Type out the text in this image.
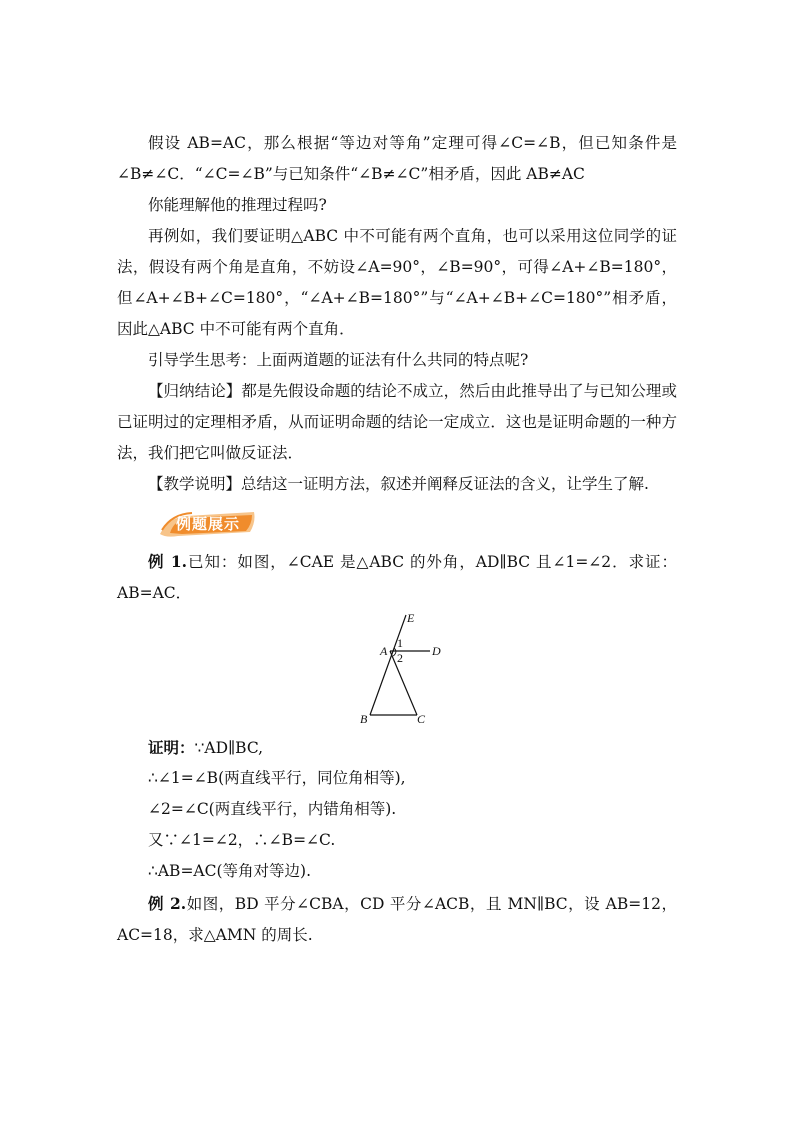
假设 AB=AC，那么根据“等边对等角”定理可得∠C=∠B，但已知条件是∠B≠∠C．“∠C=∠B”与已知条件“∠B≠∠C”相矛盾，因此 AB≠AC

你能理解他的推理过程吗?

再例如，我们要证明△ABC 中不可能有两个直角，也可以采用这位同学的证法，假设有两个角是直角，不妨设∠A=90°，∠B=90°，可得∠A+∠B=180°，但∠A+∠B+∠C=180°，“∠A+∠B=180°”与“∠A+∠B+∠C=180°”相矛盾，因此△ABC 中不可能有两个直角．

引导学生思考：上面两道题的证法有什么共同的特点呢?

【归纳结论】都是先假设命题的结论不成立，然后由此推导出了与已知公理或已证明过的定理相矛盾，从而证明命题的结论一定成立．这也是证明命题的一种方法，我们把它叫做反证法．

【教学说明】总结这一证明方法，叙述并阐释反证法的含义，让学生了解.

例题展示

例 1.已知：如图，∠CAE 是△ABC 的外角，AD∥BC 且∠1=∠2．求证：AB=AC．

E
A	D
B	C
1
2

证明：∵AD∥BC,

∴∠1=∠B(两直线平行，同位角相等),

∠2=∠C(两直线平行，内错角相等).

又∵∠1=∠2，∴∠B=∠C.

∴AB=AC(等角对等边).

例 2.如图，BD 平分∠CBA，CD 平分∠ACB，且 MN∥BC，设 AB=12，AC=18，求△AMN 的周长.
